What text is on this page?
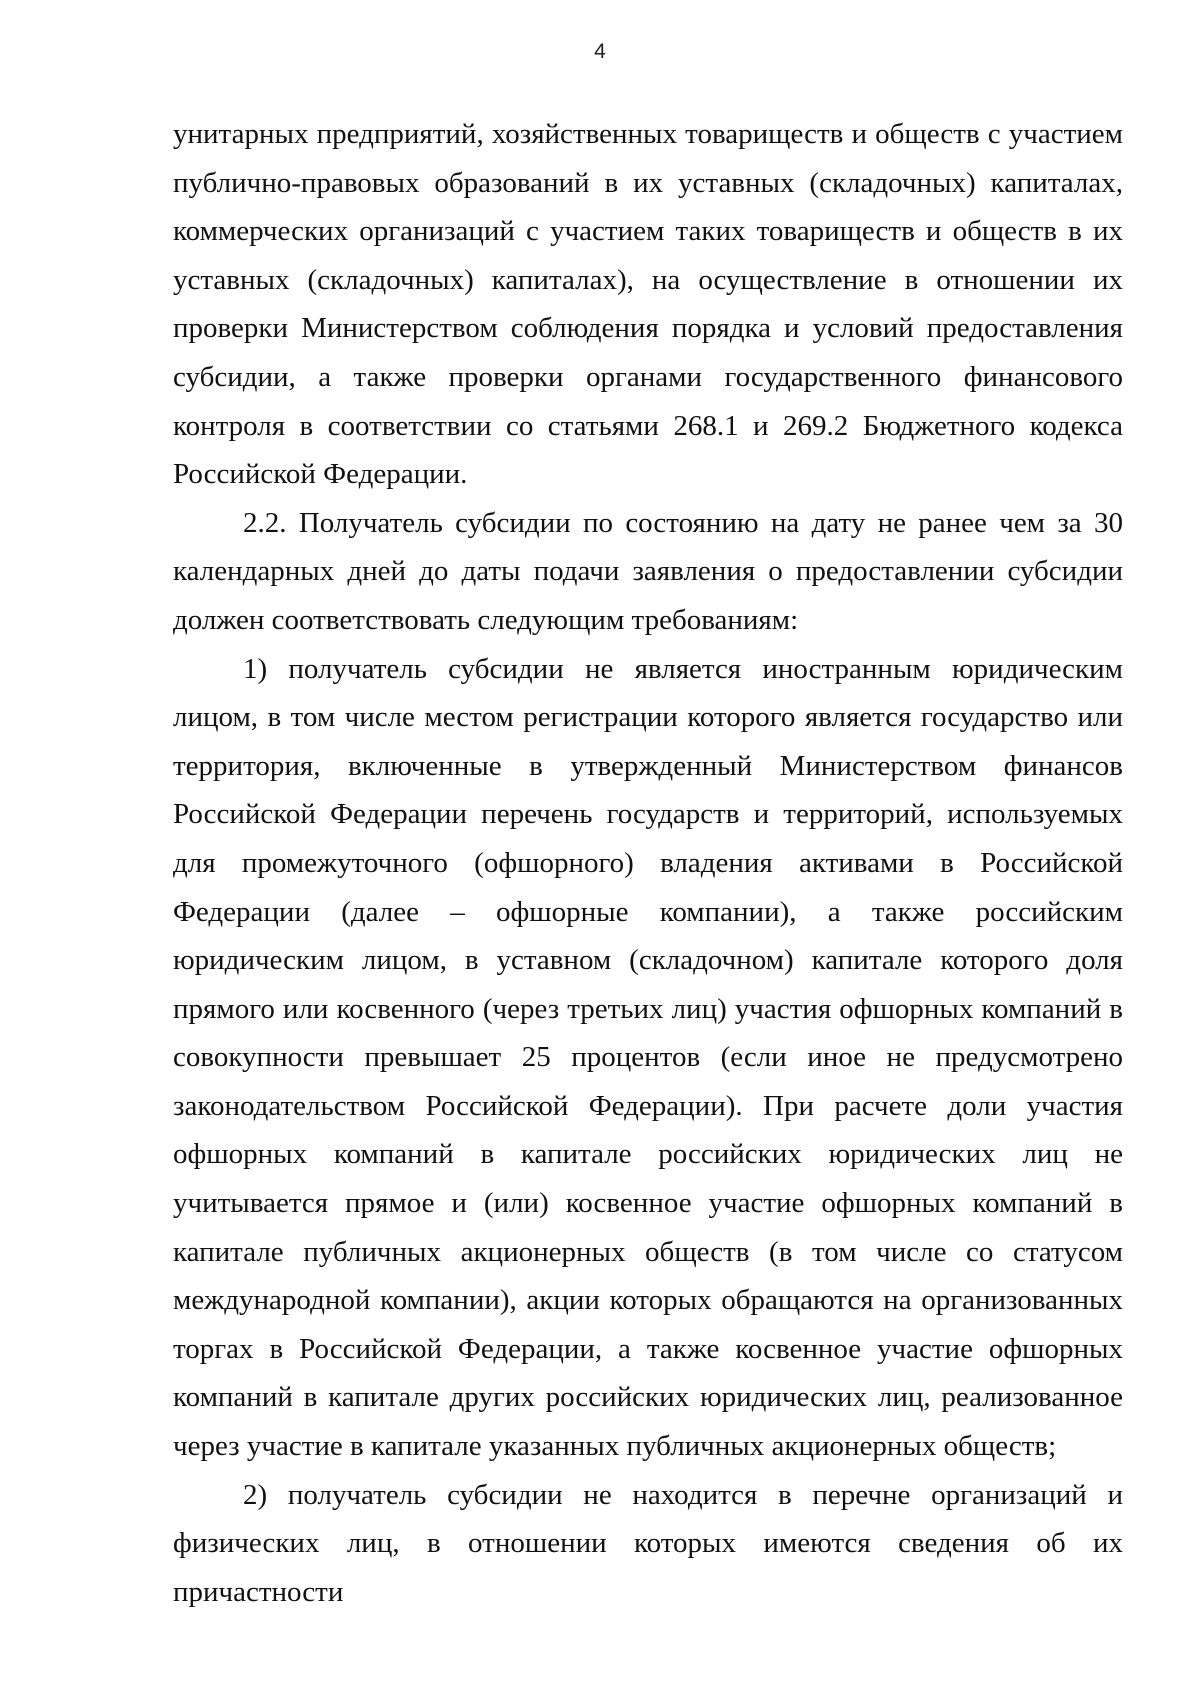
4

унитарных предприятий, хозяйственных товариществ и обществ с участием публично-правовых образований в их уставных (складочных) капиталах, коммерческих организаций с участием таких товариществ и обществ в их уставных (складочных) капиталах), на осуществление в отношении их проверки Министерством соблюдения порядка и условий предоставления субсидии, а также проверки органами государственного финансового контроля в соответствии со статьями 268.1 и 269.2 Бюджетного кодекса Российской Федерации.

2.2. Получатель субсидии по состоянию на дату не ранее чем за 30 календарных дней до даты подачи заявления о предоставлении субсидии должен соответствовать следующим требованиям:

1) получатель субсидии не является иностранным юридическим лицом, в том числе местом регистрации которого является государство или территория, включенные в утвержденный Министерством финансов Российской Федерации перечень государств и территорий, используемых для промежуточного (офшорного) владения активами в Российской Федерации (далее – офшорные компании), а также российским юридическим лицом, в уставном (складочном) капитале которого доля прямого или косвенного (через третьих лиц) участия офшорных компаний в совокупности превышает 25 процентов (если иное не предусмотрено законодательством Российской Федерации). При расчете доли участия офшорных компаний в капитале российских юридических лиц не учитывается прямое и (или) косвенное участие офшорных компаний в капитале публичных акционерных обществ (в том числе со статусом международной компании), акции которых обращаются на организованных торгах в Российской Федерации, а также косвенное участие офшорных компаний в капитале других российских юридических лиц, реализованное через участие в капитале указанных публичных акционерных обществ;

2) получатель субсидии не находится в перечне организаций и физических лиц, в отношении которых имеются сведения об их причастности
